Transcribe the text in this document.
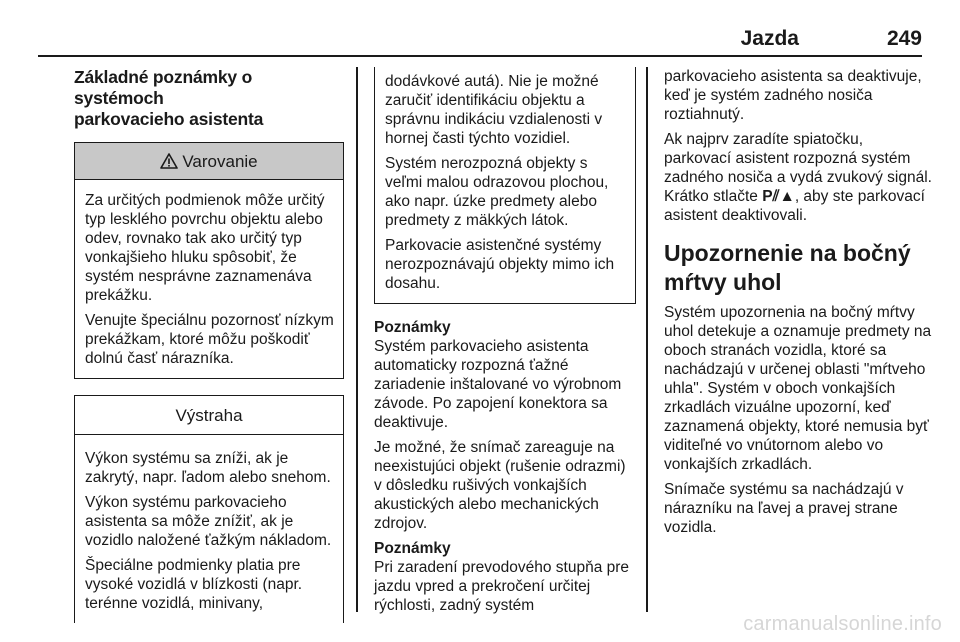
Jazda	249
Základné poznámky o systémoch
parkovacieho asistenta
Varovanie

Za určitých podmienok môže určitý typ lesklého povrchu objektu alebo odev, rovnako tak ako určitý typ vonkajšieho hluku spôsobiť, že systém nesprávne zaznamenáva prekážku.

Venujte špeciálnu pozornosť nízkym prekážkam, ktoré môžu poškodiť dolnú časť nárazníka.

Výstraha

Výkon systému sa zníži, ak je zakrytý, napr. ľadom alebo snehom.

Výkon systému parkovacieho asistenta sa môže znížiť, ak je vozidlo naložené ťažkým nákladom.

Špeciálne podmienky platia pre vysoké vozidlá v blízkosti (napr. terénne vozidlá, minivany,

dodávkové autá). Nie je možné zaručiť identifikáciu objektu a správnu indikáciu vzdialenosti v hornej časti týchto vozidiel.

Systém nerozpozná objekty s veľmi malou odrazovou plochou, ako napr. úzke predmety alebo predmety z mäkkých látok.

Parkovacie asistenčné systémy nerozpoznávajú objekty mimo ich dosahu.

Poznámky

Systém parkovacieho asistenta automaticky rozpozná ťažné zariadenie inštalované vo výrobnom závode. Po zapojení konektora sa deaktivuje.

Je možné, že snímač zareaguje na neexistujúci objekt (rušenie odrazmi) v dôsledku rušivých vonkajších akustických alebo mechanických zdrojov.

Poznámky

Pri zaradení prevodového stupňa pre jazdu vpred a prekročení určitej rýchlosti, zadný systém

parkovacieho asistenta sa deaktivuje, keď je systém zadného nosiča roztiahnutý.

Ak najprv zaradíte spiatočku, parkovací asistent rozpozná systém zadného nosiča a vydá zvukový signál. Krátko stlačte P⫽▲, aby ste parkovací asistent deaktivovali.

Upozornenie na bočný
mŕtvy uhol

Systém upozornenia na bočný mŕtvy uhol detekuje a oznamuje predmety na oboch stranách vozidla, ktoré sa nachádzajú v určenej oblasti "mŕtveho uhla". Systém v oboch vonkajších zrkadlách vizuálne upozorní, keď zaznamená objekty, ktoré nemusia byť viditeľné vo vnútornom alebo vo vonkajších zrkadlách.

Snímače systému sa nachádzajú v nárazníku na ľavej a pravej strane vozidla.

carmanualsonline.info
